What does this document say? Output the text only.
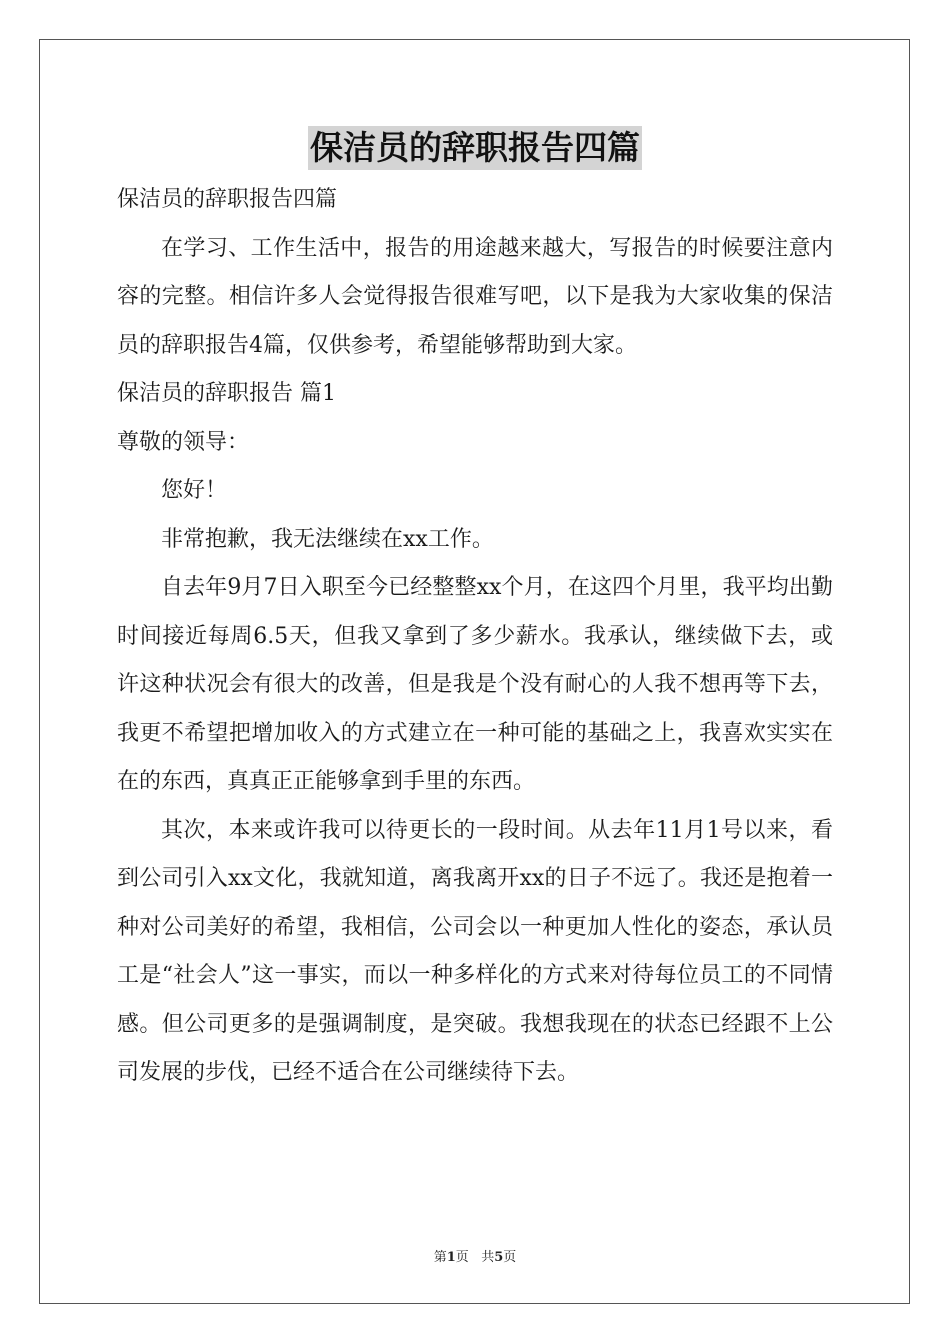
保洁员的辞职报告四篇

保洁员的辞职报告四篇

在学习、工作生活中，报告的用途越来越大，写报告的时候要注意内容的完整。相信许多人会觉得报告很难写吧，以下是我为大家收集的保洁员的辞职报告4篇，仅供参考，希望能够帮助到大家。

保洁员的辞职报告 篇1

尊敬的领导：

您好！

非常抱歉，我无法继续在xx工作。

自去年9月7日入职至今已经整整xx个月，在这四个月里，我平均出勤时间接近每周6.5天，但我又拿到了多少薪水。我承认，继续做下去，或许这种状况会有很大的改善，但是我是个没有耐心的人我不想再等下去，我更不希望把增加收入的方式建立在一种可能的基础之上，我喜欢实实在在的东西，真真正正能够拿到手里的东西。

其次，本来或许我可以待更长的一段时间。从去年11月1号以来，看到公司引入xx文化，我就知道，离我离开xx的日子不远了。我还是抱着一种对公司美好的希望，我相信，公司会以一种更加人性化的姿态，承认员工是“社会人”这一事实，而以一种多样化的方式来对待每位员工的不同情感。但公司更多的是强调制度，是突破。我想我现在的状态已经跟不上公司发展的步伐，已经不适合在公司继续待下去。

第1页 共5页
